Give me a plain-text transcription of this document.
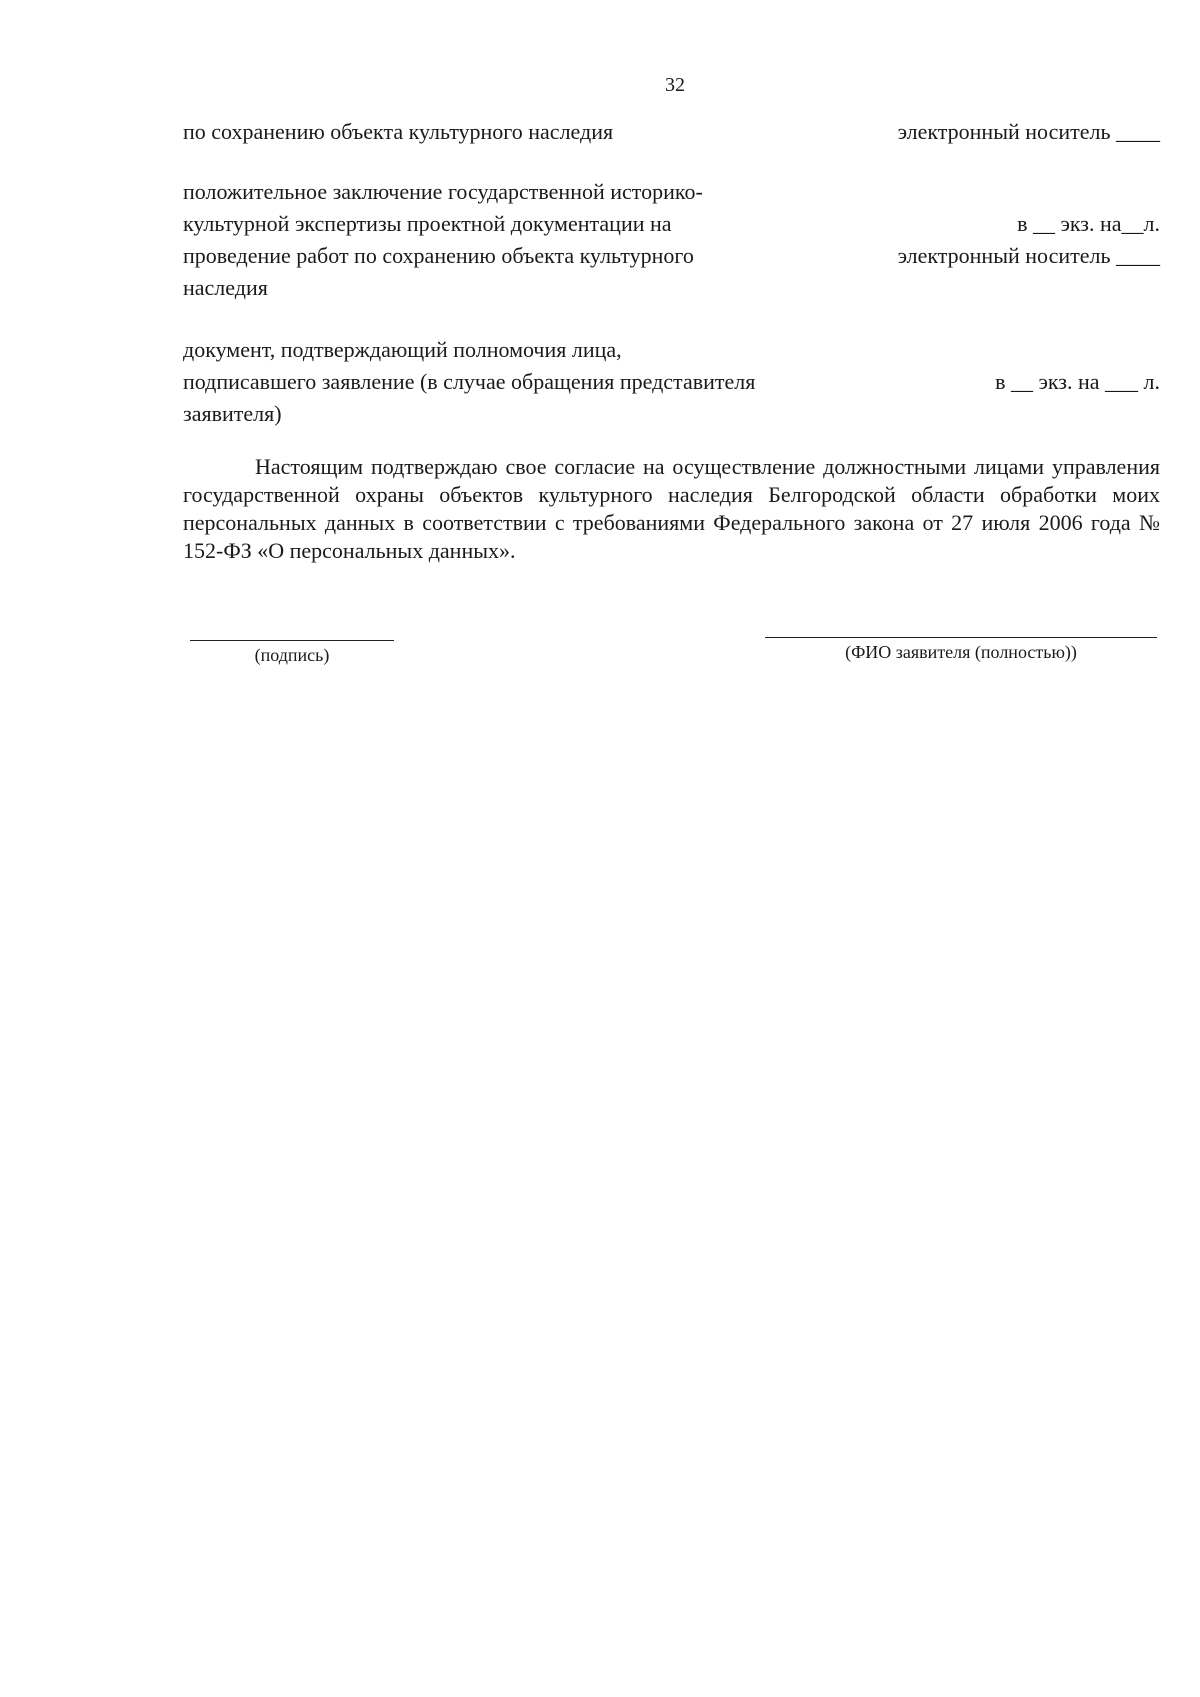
32
по сохранению объекта культурного наследия	электронный носитель ____
положительное заключение государственной историко-
культурной экспертизы проектной документации на
проведение работ по сохранению объекта культурного
наследия
в __ экз. на__л.
электронный носитель ____
документ, подтверждающий полномочия лица,
подписавшего заявление (в случае обращения представителя
заявителя)
в __ экз. на ___ л.
Настоящим подтверждаю свое согласие на осуществление должностными лицами управления государственной охраны объектов культурного наследия Белгородской области обработки моих персональных данных в соответствии с требованиями Федерального закона от 27 июля 2006 года № 152-ФЗ «О персональных данных».
(подпись)	(ФИО заявителя (полностью))
